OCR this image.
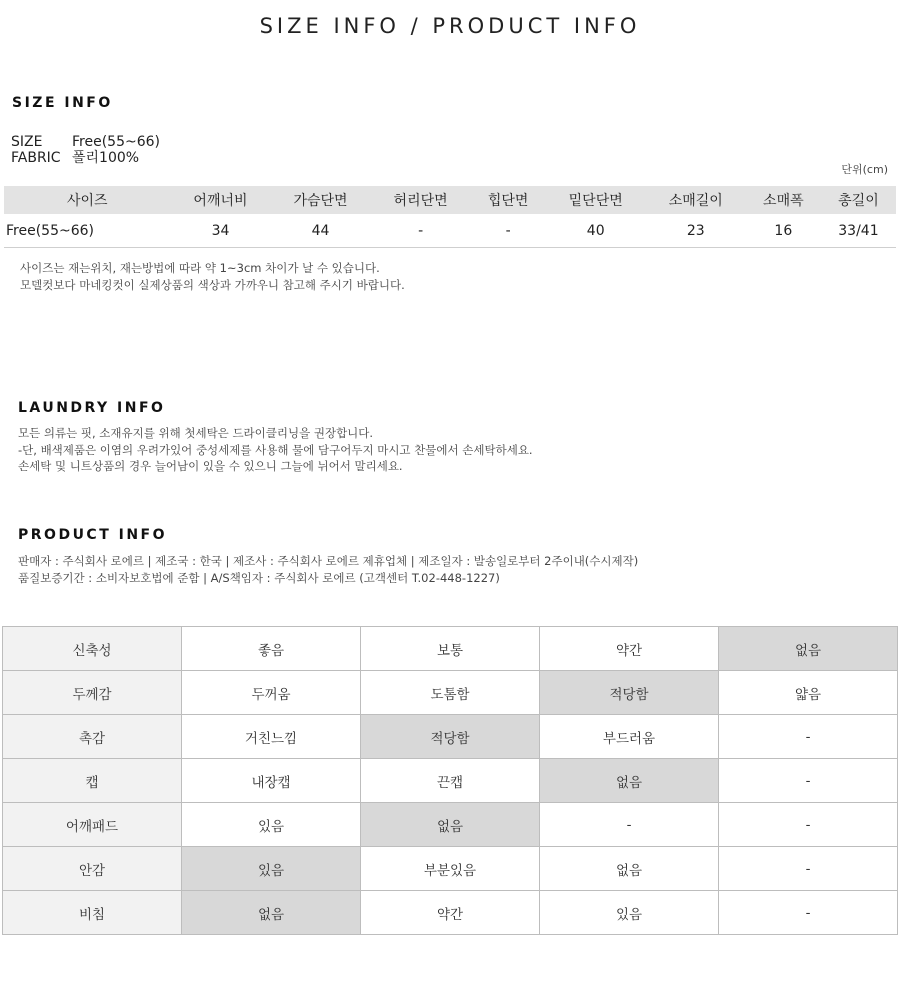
SIZE INFO / PRODUCT INFO
SIZE INFO
SIZE	Free(55~66)
FABRIC 폴리100%
단위(cm)
사이즈	어깨너비	가슴단면	허리단면	힙단면	밑단단면	소매길이	소매폭	총길이
Free(55~66)	34	44	-	-	40	23	16	33/41
사이즈는 재는위치, 재는방법에 따라 약 1~3cm 차이가 날 수 있습니다.
모델컷보다 마네킹컷이 실제상품의 색상과 가까우니 참고해 주시기 바랍니다.
LAUNDRY INFO
모든 의류는 핏, 소재유지를 위해 첫세탁은 드라이클리닝을 권장합니다.
-단, 배색제품은 이염의 우려가있어 중성세제를 사용해 물에 담구어두지 마시고 찬물에서 손세탁하세요.
손세탁 및 니트상품의 경우 늘어남이 있을 수 있으니 그늘에 뉘어서 말리세요.
PRODUCT INFO
판매자 : 주식회사 로에르 | 제조국 : 한국 | 제조사 : 주식회사 로에르 제휴업체 | 제조일자 : 발송일로부터 2주이내(수시제작)
품질보증기간 : 소비자보호법에 준함 | A/S책임자 : 주식회사 로에르 (고객센터 T.02-448-1227)
신축성	좋음	보통	약간	없음
두께감	두꺼움	도톰함	적당함	얇음
촉감	거친느낌	적당함	부드러움	-
캡	내장캡	끈캡	없음	-
어깨패드	있음	없음	-	-
안감	있음	부분있음	없음	-
비침	없음	약간	있음	-
